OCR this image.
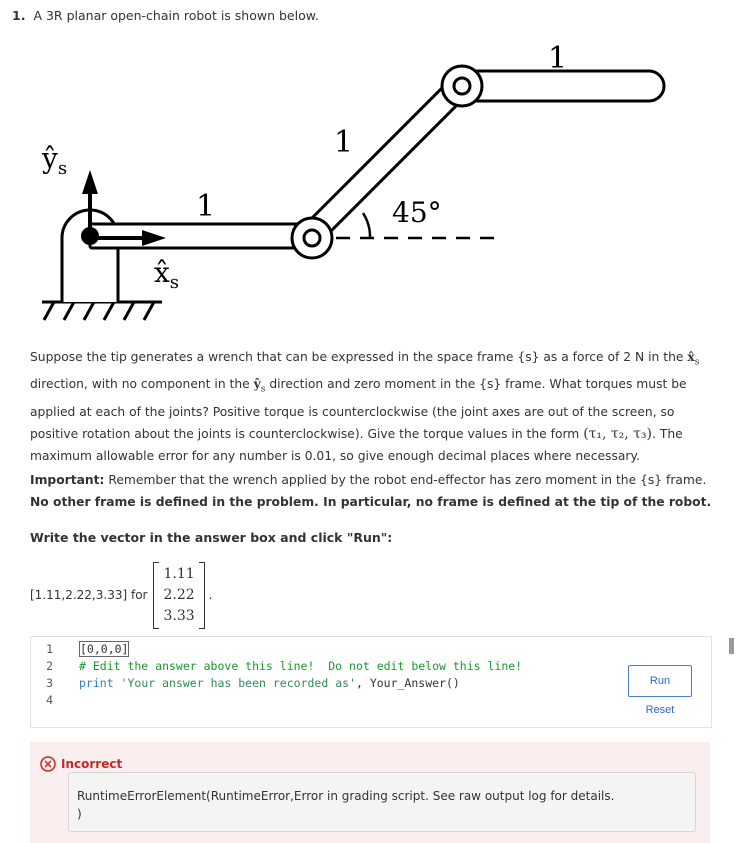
1. A 3R planar open-chain robot is shown below.
$ŷ_s$
$x̂_s$
1
1
1
45°
Suppose the tip generates a wrench that can be expressed in the space frame {s} as a force of 2 N in the $x̂_s$ direction, with no component in the $ŷ_s$ direction and zero moment in the {s} frame. What torques must be applied at each of the joints? Positive torque is counterclockwise (the joint axes are out of the screen, so positive rotation about the joints is counterclockwise). Give the torque values in the form (τ₁, τ₂, τ₃). The maximum allowable error for any number is 0.01, so give enough decimal places where necessary.
Important: Remember that the wrench applied by the robot end-effector has zero moment in the {s} frame. No other frame is defined in the problem. In particular, no frame is defined at the tip of the robot.
Write the vector in the answer box and click "Run":
[1.11,2.22,3.33] for
1.11
2.22
3.33
.
1	[0,0,0]
2	# Edit the answer above this line!  Do not edit below this line!
3	print
'Your answer has been recorded as' , Your_Answer()
4
Run
Reset
Incorrect
RuntimeErrorElement(RuntimeError,Error in grading script. See raw output log for details.
)
